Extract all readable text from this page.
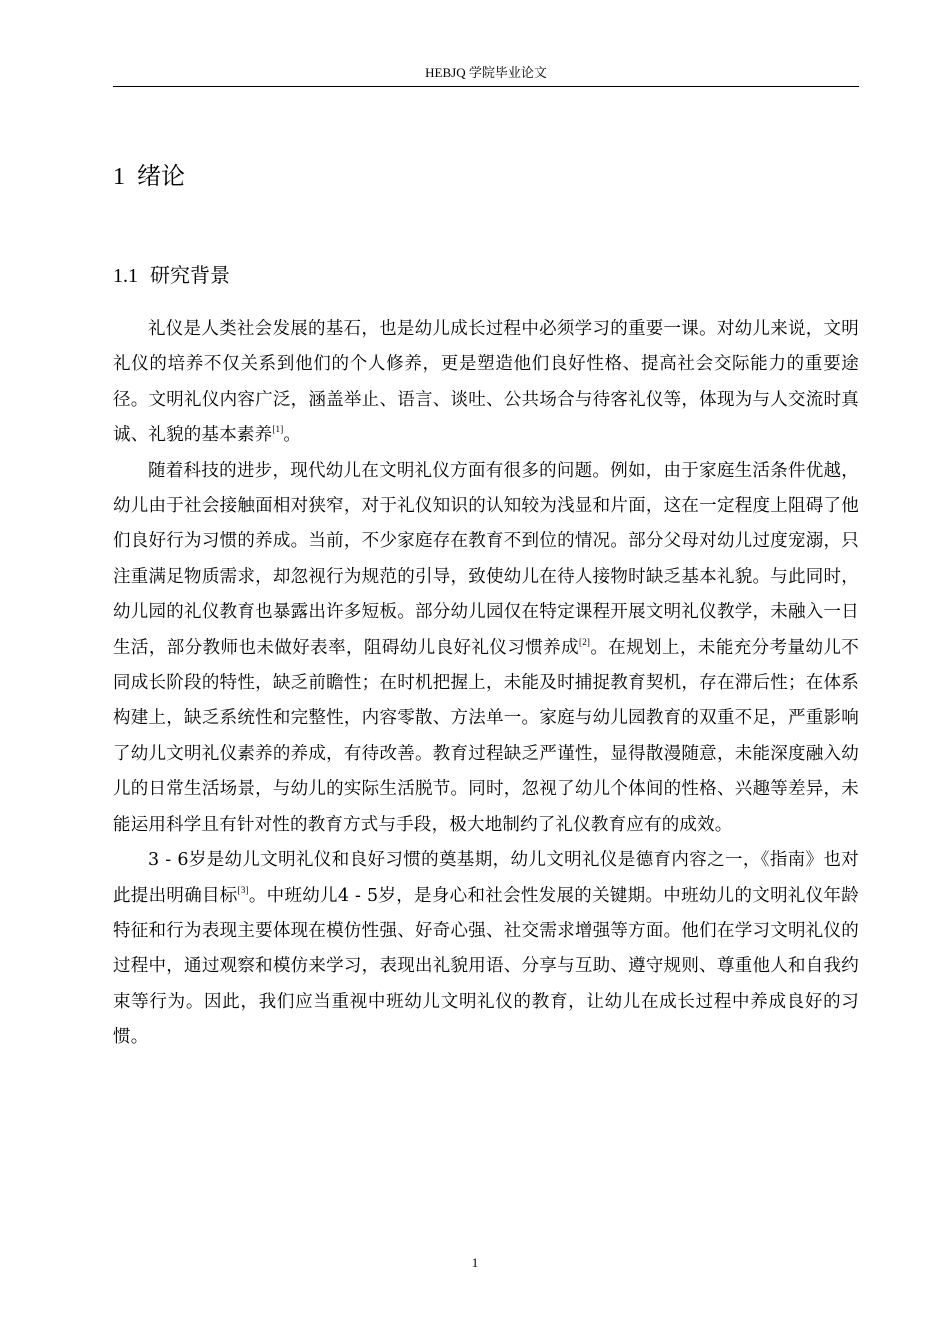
HEBJQ 学院毕业论文
1 绪论
1.1 研究背景

礼仪是人类社会发展的基石，也是幼儿成长过程中必须学习的重要一课。对幼儿来说，文明礼仪的培养不仅关系到他们的个人修养，更是塑造他们良好性格、提高社会交际能力的重要途径。文明礼仪内容广泛，涵盖举止、语言、谈吐、公共场合与待客礼仪等，体现为与人交流时真诚、礼貌的基本素养[1]。

随着科技的进步，现代幼儿在文明礼仪方面有很多的问题。例如，由于家庭生活条件优越，幼儿由于社会接触面相对狭窄，对于礼仪知识的认知较为浅显和片面，这在一定程度上阻碍了他们良好行为习惯的养成。当前，不少家庭存在教育不到位的情况。部分父母对幼儿过度宠溺，只注重满足物质需求，却忽视行为规范的引导，致使幼儿在待人接物时缺乏基本礼貌。与此同时，幼儿园的礼仪教育也暴露出许多短板。部分幼儿园仅在特定课程开展文明礼仪教学，未融入一日生活，部分教师也未做好表率，阻碍幼儿良好礼仪习惯养成[2]。在规划上，未能充分考量幼儿不同成长阶段的特性，缺乏前瞻性；在时机把握上，未能及时捕捉教育契机，存在滞后性；在体系构建上，缺乏系统性和完整性，内容零散、方法单一。家庭与幼儿园教育的双重不足，严重影响了幼儿文明礼仪素养的养成，有待改善。教育过程缺乏严谨性，显得散漫随意，未能深度融入幼儿的日常生活场景，与幼儿的实际生活脱节。同时，忽视了幼儿个体间的性格、兴趣等差异，未能运用科学且有针对性的教育方式与手段，极大地制约了礼仪教育应有的成效。

3 - 6岁是幼儿文明礼仪和良好习惯的奠基期，幼儿文明礼仪是德育内容之一，《指南》也对此提出明确目标[3]。中班幼儿4 - 5岁，是身心和社会性发展的关键期。中班幼儿的文明礼仪年龄特征和行为表现主要体现在模仿性强、好奇心强、社交需求增强等方面。他们在学习文明礼仪的过程中，通过观察和模仿来学习，表现出礼貌用语、分享与互助、遵守规则、尊重他人和自我约束等行为。因此，我们应当重视中班幼儿文明礼仪的教育，让幼儿在成长过程中养成良好的习惯。

1
